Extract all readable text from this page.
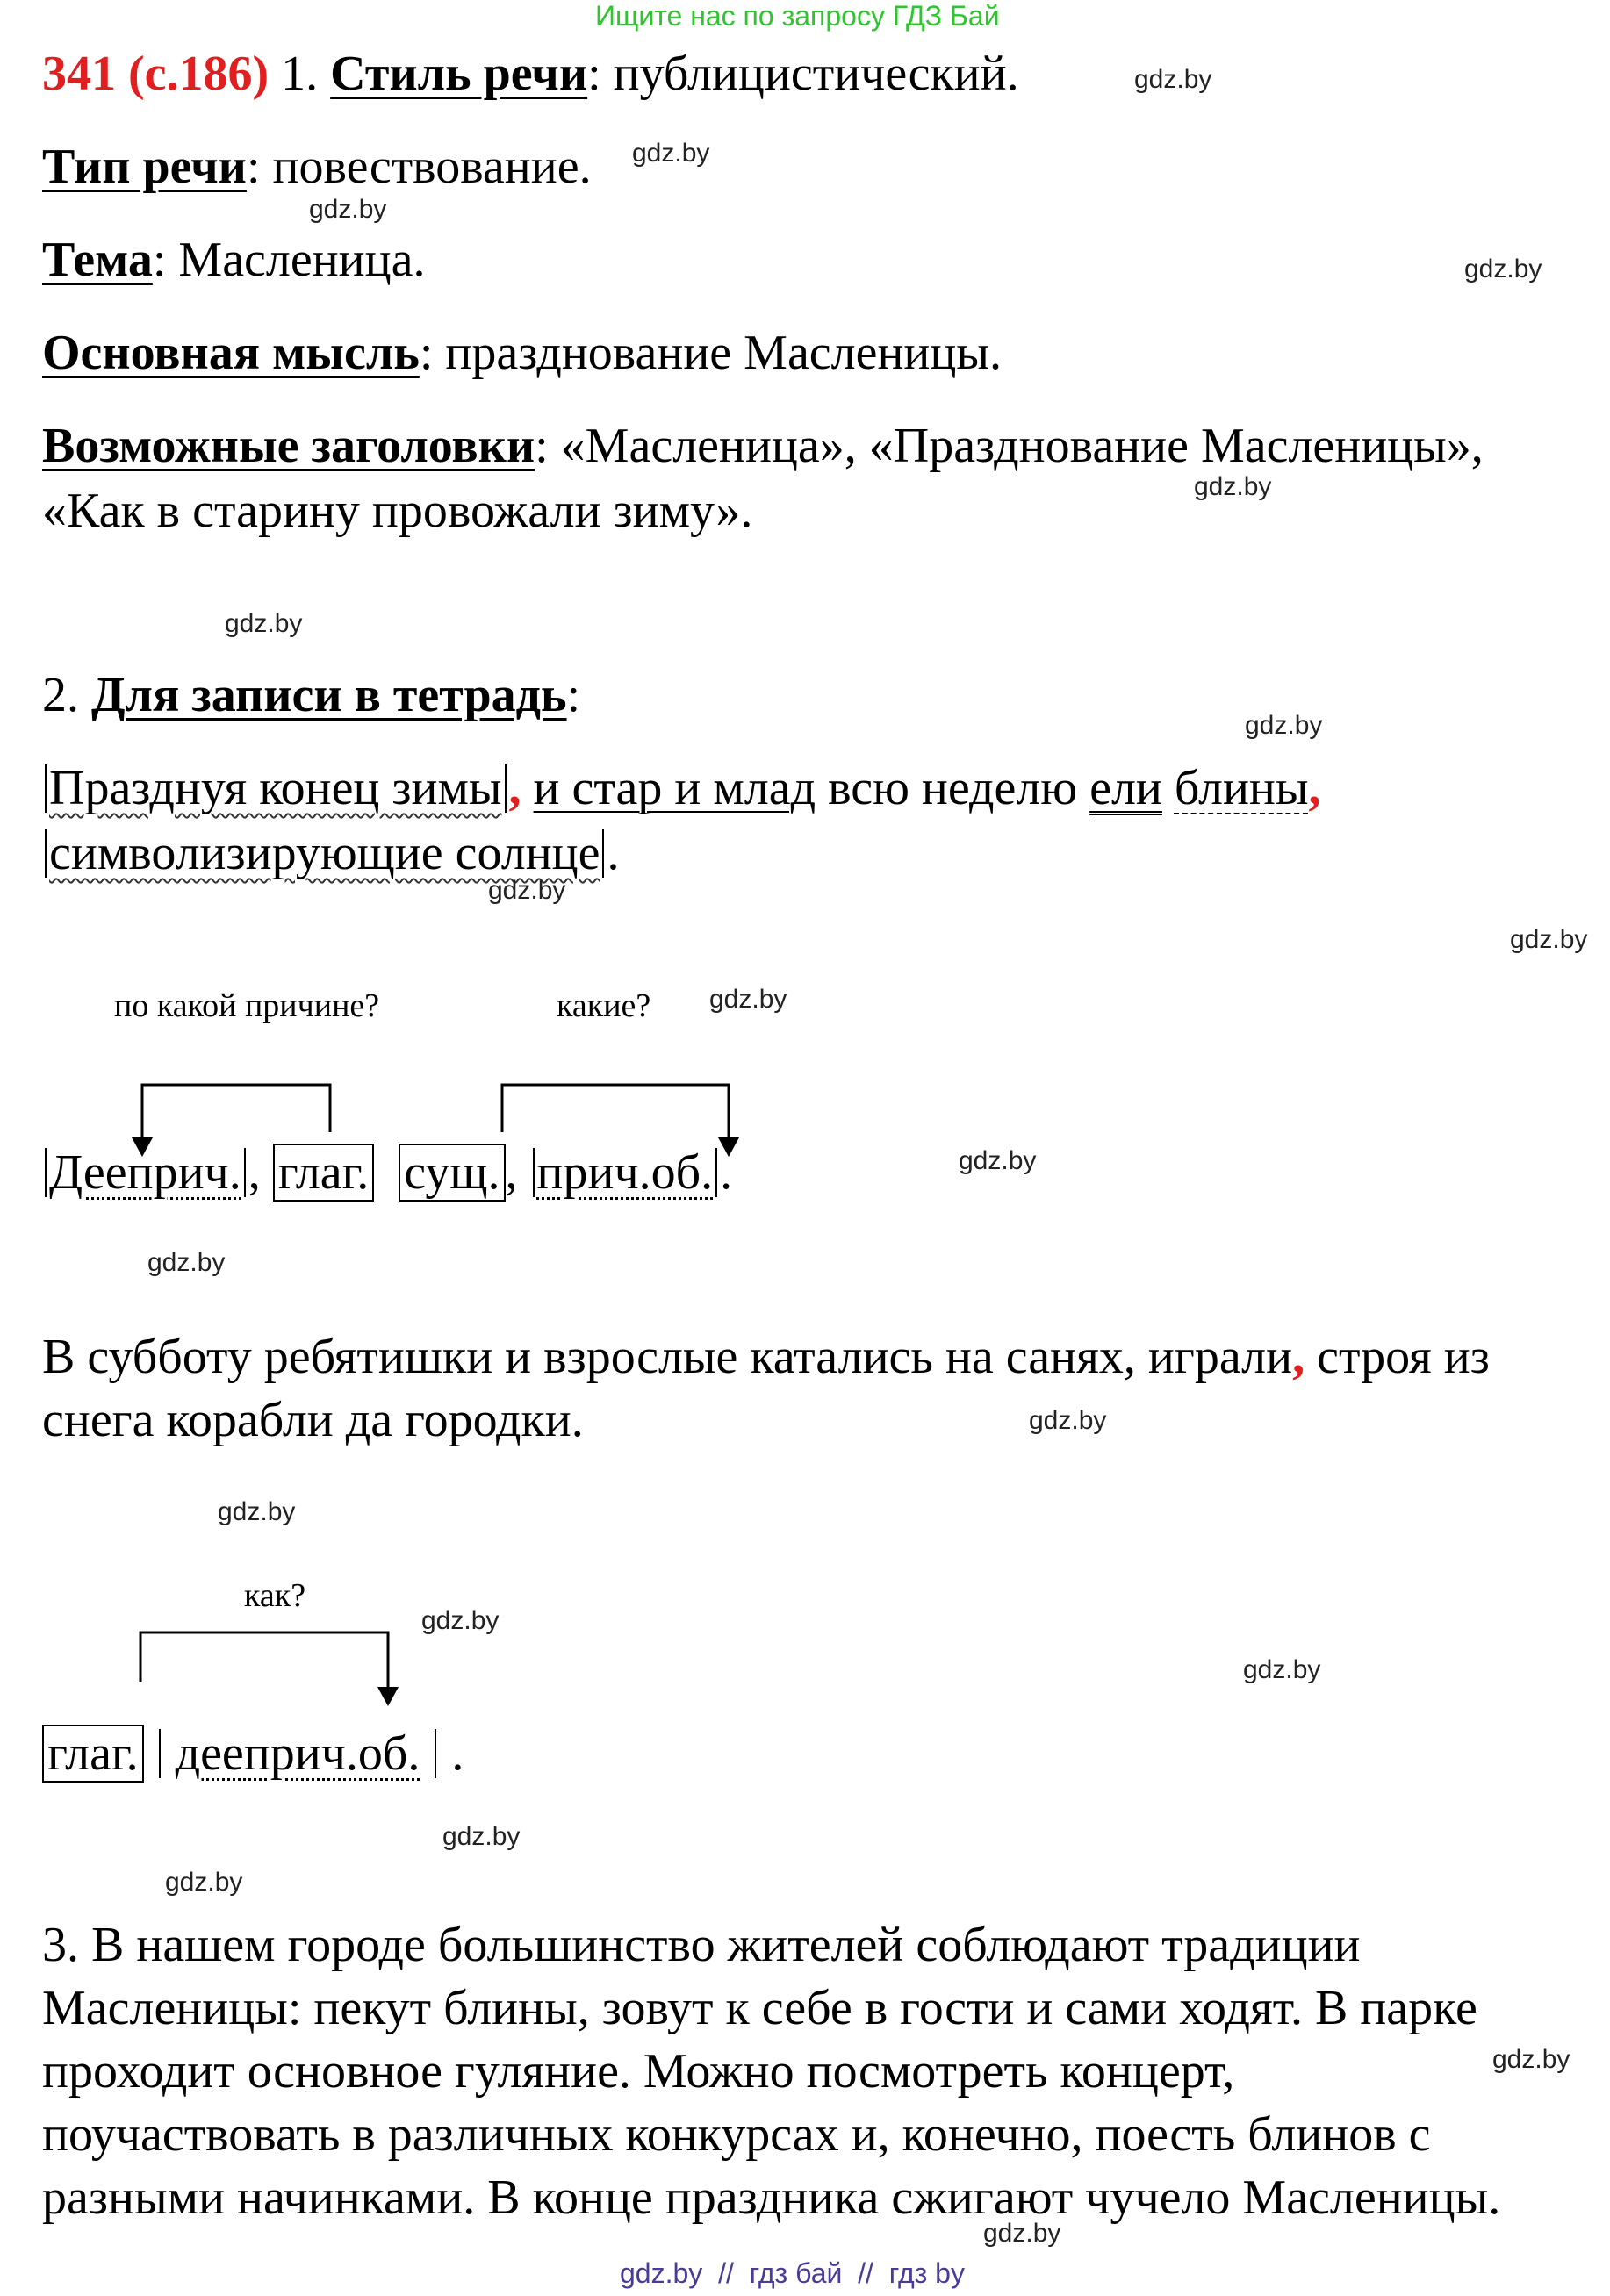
Ищите нас по запросу ГДЗ Бай
341 (с.186) 1. Стиль речи: публицистический.
Тип речи: повествование.
Тема: Масленица.
Основная мысль: празднование Масленицы.
Возможные заголовки: «Масленица», «Празднование Масленицы»,
«Как в старину провожали зиму».
2. Для записи в тетрадь:
Празднуя конец зимы , и стар и млад всю неделю ели блины,
символизирующие солнце .
по какой причине?	какие?
Дееприч. , глаг. сущ. , прич.об. .
В субботу ребятишки и взрослые катались на санях, играли, строя из
снега корабли да городки.
как?
глаг. дееприч.об. .
3. В нашем городе большинство жителей соблюдают традиции
Масленицы: пекут блины, зовут к себе в гости и сами ходят. В парке
проходит основное гуляние. Можно посмотреть концерт,
поучаствовать в различных конкурсах и, конечно, поесть блинов с
разными начинками. В конце праздника сжигают чучело Масленицы.
gdz.by
gdz.by
gdz.by
gdz.by
gdz.by
gdz.by
gdz.by
gdz.by
gdz.by
gdz.by
gdz.by
gdz.by
gdz.by
gdz.by
gdz.by
gdz.by
gdz.by
gdz.by
gdz.by
gdz.by
gdz.by  //  гдз бай  //  гдз by
